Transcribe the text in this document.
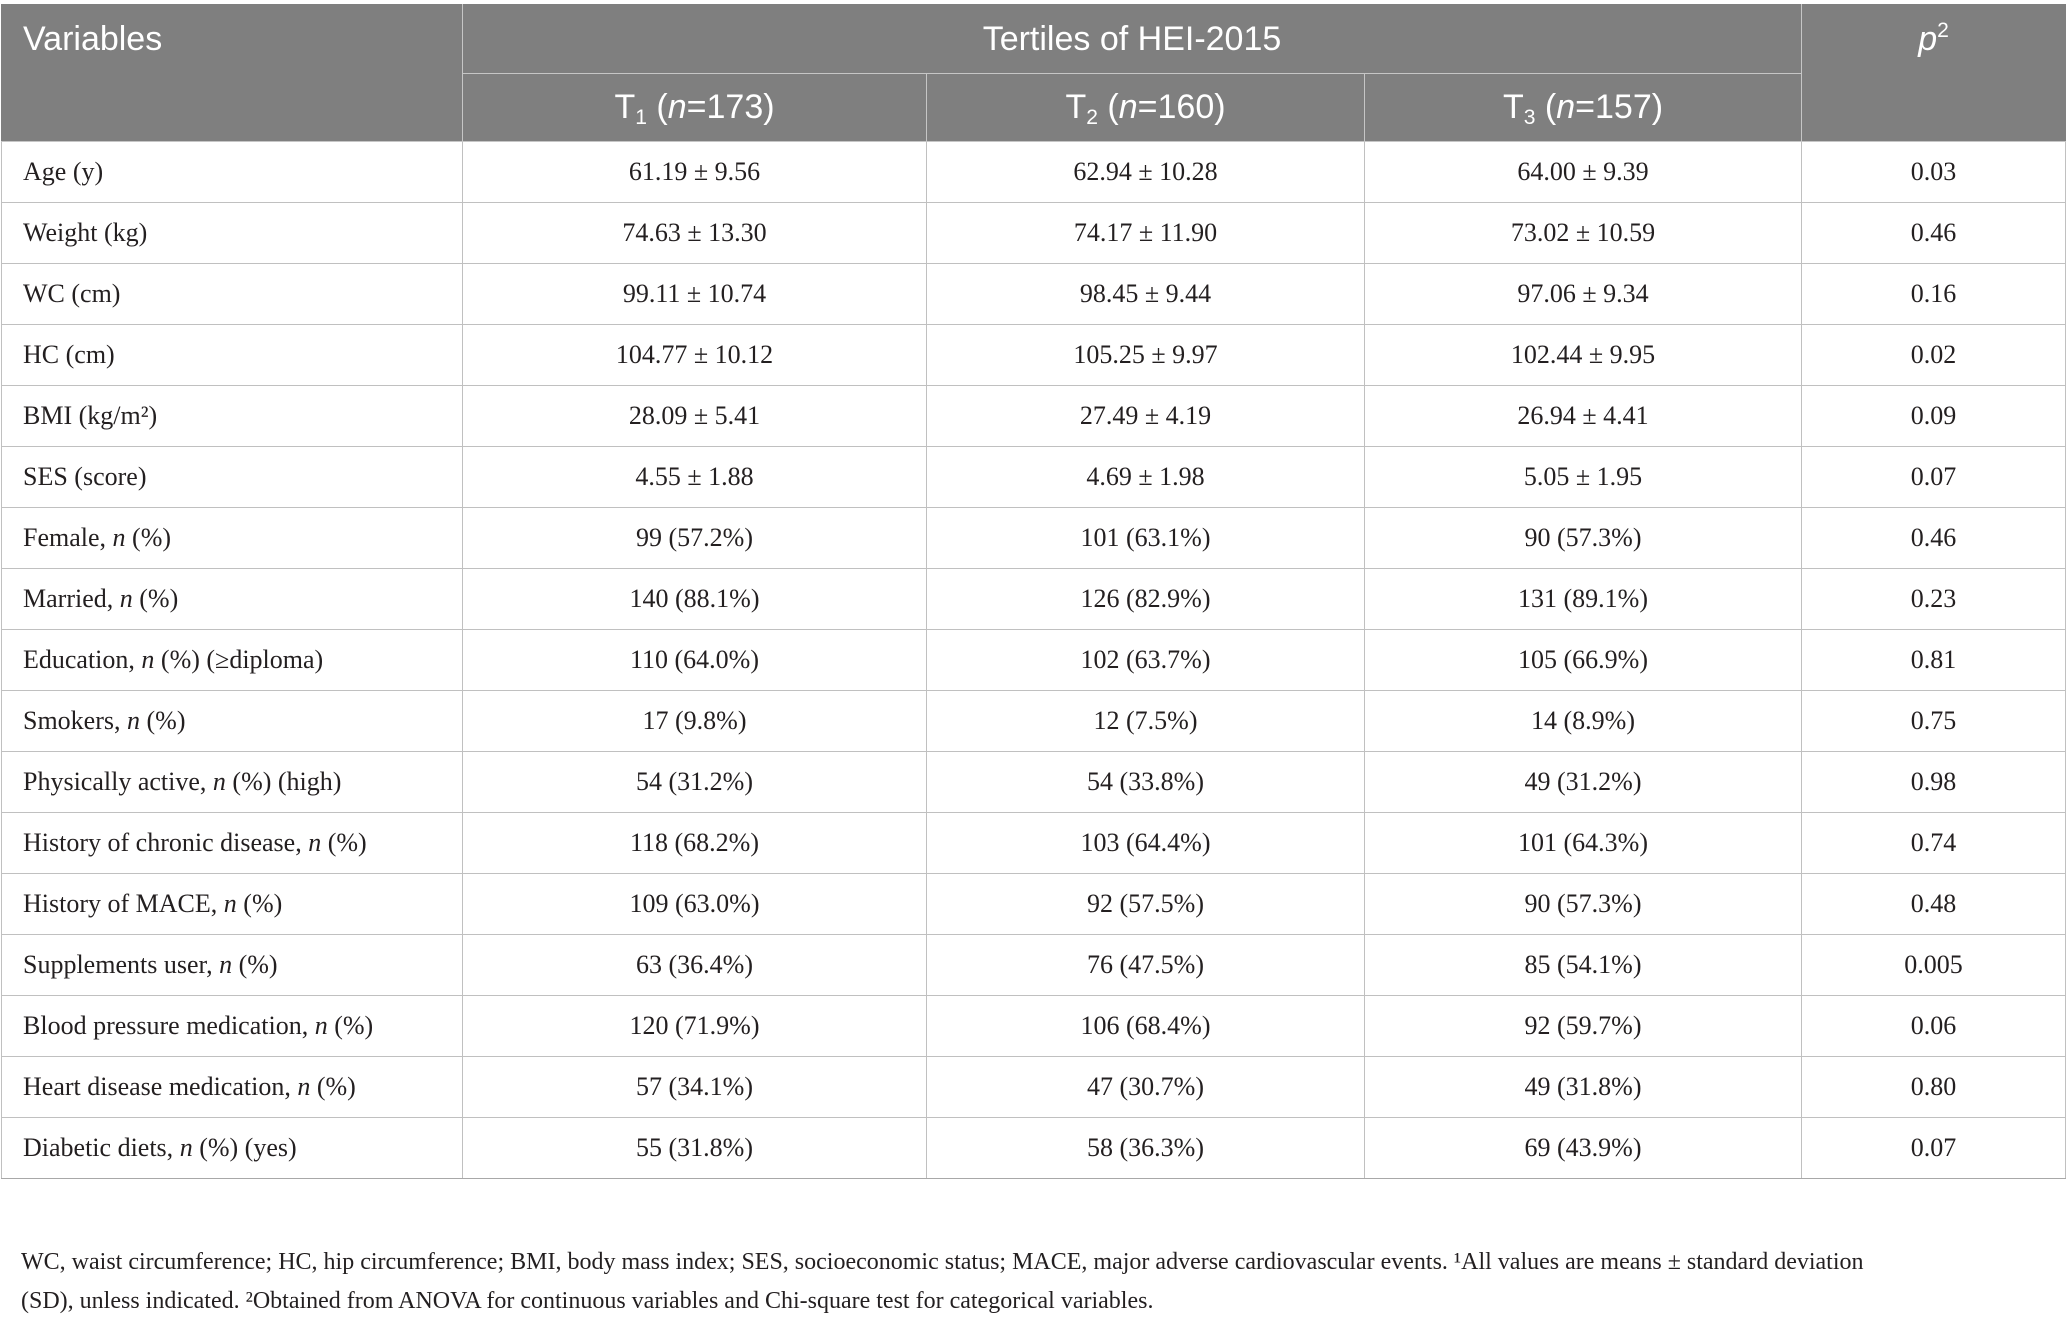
Variables	Tertiles of HEI-2015			$p^2$
	$T_1$ (n=173)	$T_2$ (n=160)	$T_3$ (n=157)	
Age (y)	61.19 ± 9.56	62.94 ± 10.28	64.00 ± 9.39	0.03
Weight (kg)	74.63 ± 13.30	74.17 ± 11.90	73.02 ± 10.59	0.46
WC (cm)	99.11 ± 10.74	98.45 ± 9.44	97.06 ± 9.34	0.16
HC (cm)	104.77 ± 10.12	105.25 ± 9.97	102.44 ± 9.95	0.02
BMI (kg/m²)	28.09 ± 5.41	27.49 ± 4.19	26.94 ± 4.41	0.09
SES (score)	4.55 ± 1.88	4.69 ± 1.98	5.05 ± 1.95	0.07
Female, n (%)	99 (57.2%)	101 (63.1%)	90 (57.3%)	0.46
Married, n (%)	140 (88.1%)	126 (82.9%)	131 (89.1%)	0.23
Education, n (%) (≥diploma)	110 (64.0%)	102 (63.7%)	105 (66.9%)	0.81
Smokers, n (%)	17 (9.8%)	12 (7.5%)	14 (8.9%)	0.75
Physically active, n (%) (high)	54 (31.2%)	54 (33.8%)	49 (31.2%)	0.98
History of chronic disease, n (%)	118 (68.2%)	103 (64.4%)	101 (64.3%)	0.74
History of MACE, n (%)	109 (63.0%)	92 (57.5%)	90 (57.3%)	0.48
Supplements user, n (%)	63 (36.4%)	76 (47.5%)	85 (54.1%)	0.005
Blood pressure medication, n (%)	120 (71.9%)	106 (68.4%)	92 (59.7%)	0.06
Heart disease medication, n (%)	57 (34.1%)	47 (30.7%)	49 (31.8%)	0.80
Diabetic diets, n (%) (yes)	55 (31.8%)	58 (36.3%)	69 (43.9%)	0.07
WC, waist circumference; HC, hip circumference; BMI, body mass index; SES, socioeconomic status; MACE, major adverse cardiovascular events. ¹All values are means ± standard deviation
(SD), unless indicated. ²Obtained from ANOVA for continuous variables and Chi-square test for categorical variables.
